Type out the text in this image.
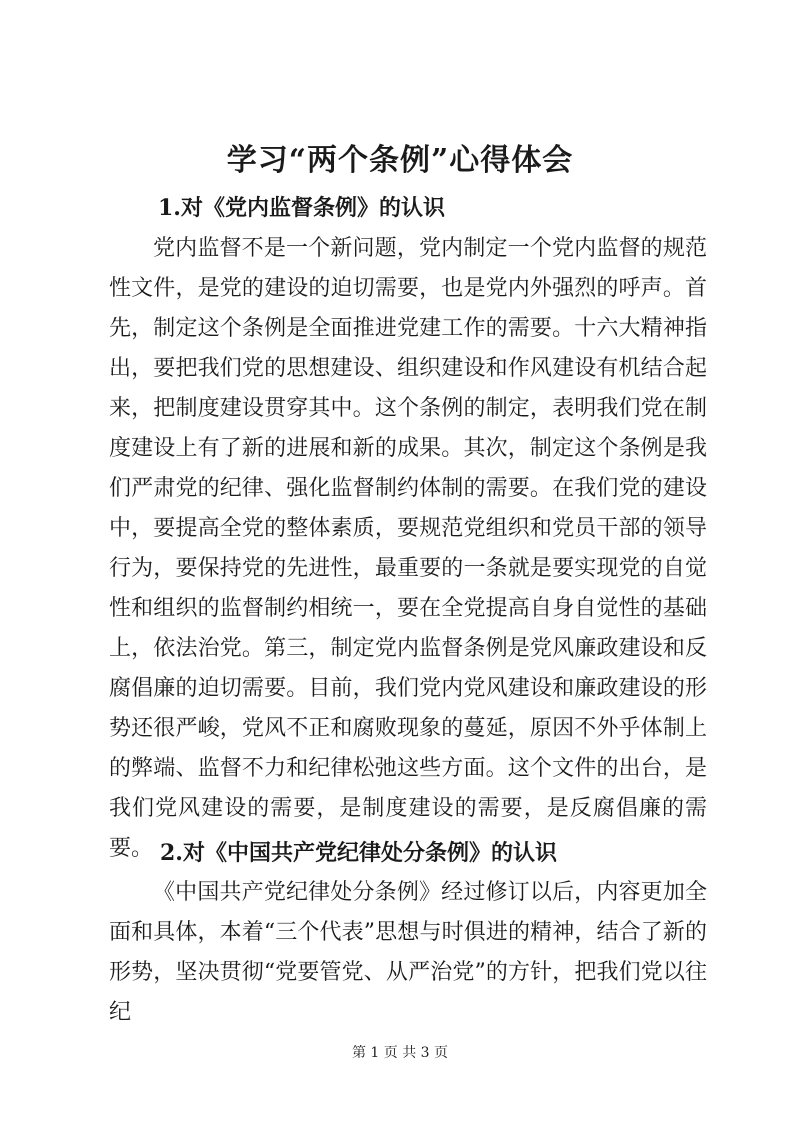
学习“两个条例”心得体会
1.对《党内监督条例》的认识

党内监督不是一个新问题，党内制定一个党内监督的规范性文件，是党的建设的迫切需要，也是党内外强烈的呼声。首先，制定这个条例是全面推进党建工作的需要。十六大精神指出，要把我们党的思想建设、组织建设和作风建设有机结合起来，把制度建设贯穿其中。这个条例的制定，表明我们党在制度建设上有了新的进展和新的成果。其次，制定这个条例是我们严肃党的纪律、强化监督制约体制的需要。在我们党的建设中，要提高全党的整体素质，要规范党组织和党员干部的领导行为，要保持党的先进性，最重要的一条就是要实现党的自觉性和组织的监督制约相统一，要在全党提高自身自觉性的基础上，依法治党。第三，制定党内监督条例是党风廉政建设和反腐倡廉的迫切需要。目前，我们党内党风建设和廉政建设的形势还很严峻，党风不正和腐败现象的蔓延，原因不外乎体制上的弊端、监督不力和纪律松弛这些方面。这个文件的出台，是我们党风建设的需要，是制度建设的需要，是反腐倡廉的需要。 2.对《中国共产党纪律处分条例》的认识

《中国共产党纪律处分条例》经过修订以后，内容更加全面和具体，本着“三个代表”思想与时俱进的精神，结合了新的形势，坚决贯彻“党要管党、从严治党”的方针，把我们党以往纪

第 1 页 共 3 页
